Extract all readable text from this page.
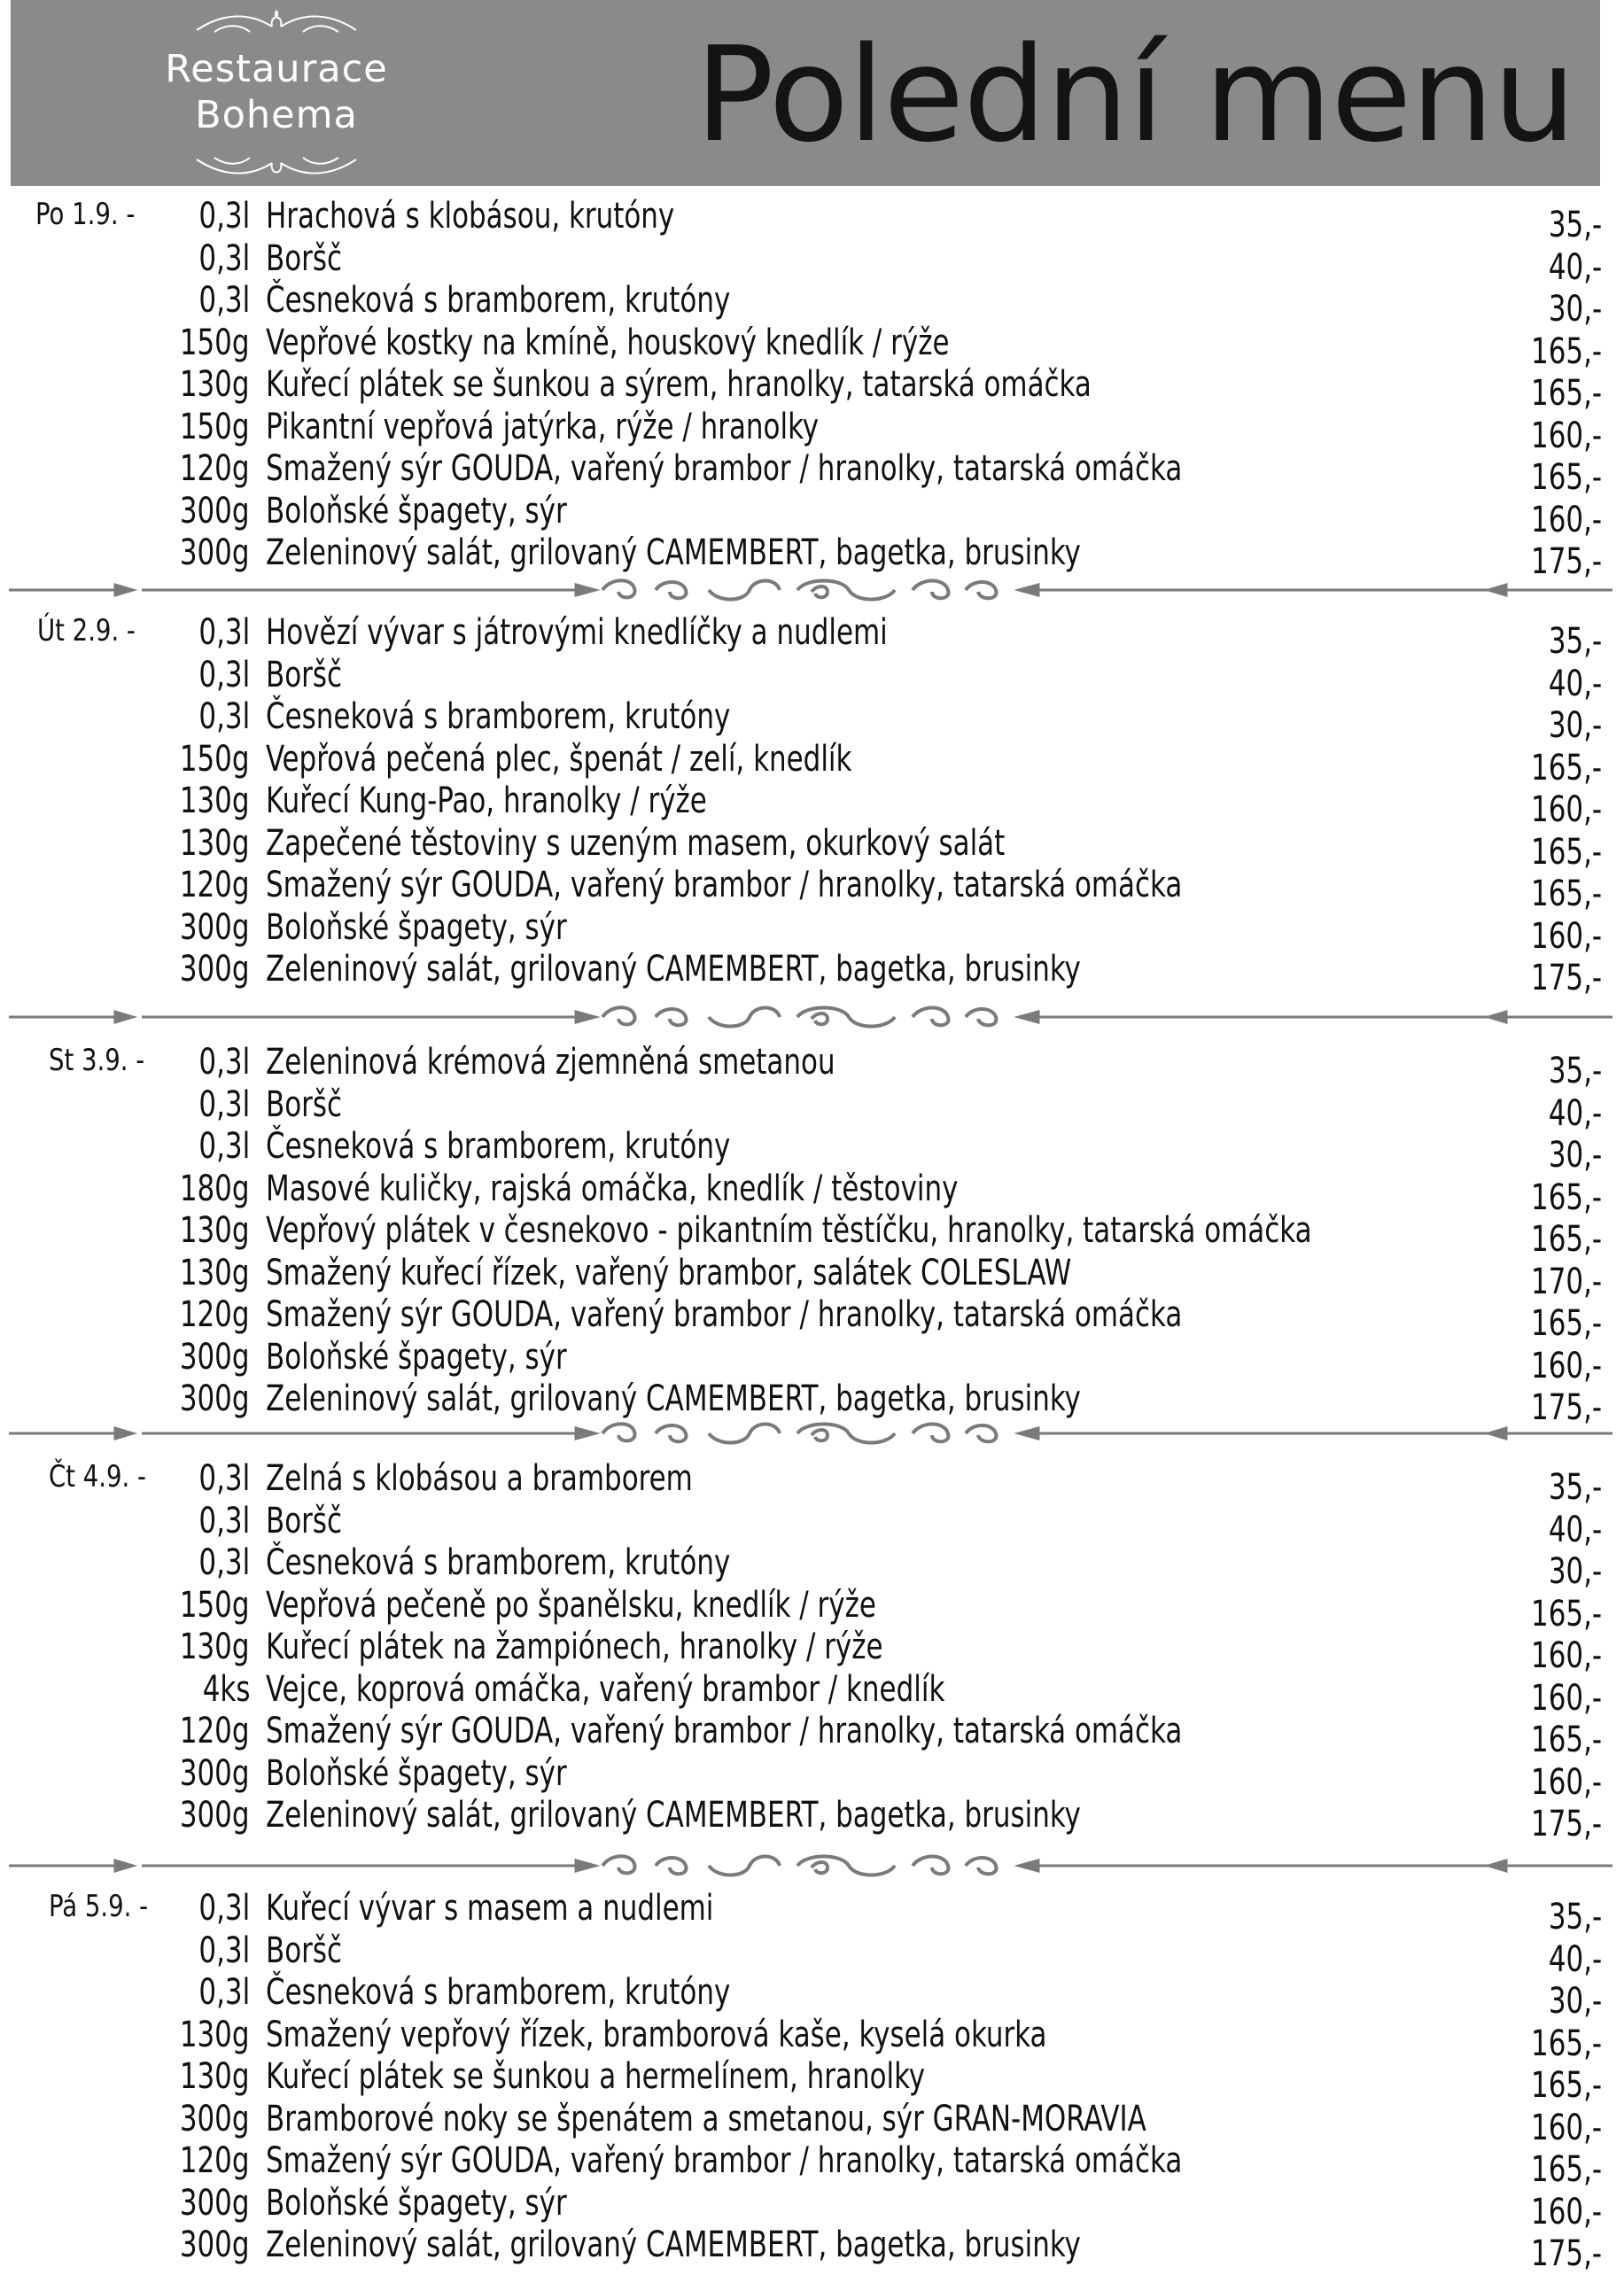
Restaurace
Bohema	Polední menu
Po 1.9. - 0,3l Hrachová s klobásou, krutóny	35,-
0,3l Boršč	40,-
0,3l Česneková s bramborem, krutóny	30,-
150g Vepřové kostky na kmíně, houskový knedlík / rýže	165,-
130g Kuřecí plátek se šunkou a sýrem, hranolky, tatarská omáčka	165,-
150g Pikantní vepřová jatýrka, rýže / hranolky	160,-
120g Smažený sýr GOUDA, vařený brambor / hranolky, tatarská omáčka	165,-
300g Boloňské špagety, sýr	160,-
300g Zeleninový salát, grilovaný CAMEMBERT, bagetka, brusinky	175,-
Út 2.9. - 0,3l Hovězí vývar s játrovými knedlíčky a nudlemi	35,-
0,3l Boršč	40,-
0,3l Česneková s bramborem, krutóny	30,-
150g Vepřová pečená plec, špenát / zelí, knedlík	165,-
130g Kuřecí Kung-Pao, hranolky / rýže	160,-
130g Zapečené těstoviny s uzeným masem, okurkový salát	165,-
120g Smažený sýr GOUDA, vařený brambor / hranolky, tatarská omáčka	165,-
300g Boloňské špagety, sýr	160,-
300g Zeleninový salát, grilovaný CAMEMBERT, bagetka, brusinky	175,-
St 3.9. - 0,3l Zeleninová krémová zjemněná smetanou	35,-
0,3l Boršč	40,-
0,3l Česneková s bramborem, krutóny	30,-
180g Masové kuličky, rajská omáčka, knedlík / těstoviny	165,-
130g Vepřový plátek v česnekovo - pikantním těstíčku, hranolky, tatarská omáčka	165,-
130g Smažený kuřecí řízek, vařený brambor, salátek COLESLAW	170,-
120g Smažený sýr GOUDA, vařený brambor / hranolky, tatarská omáčka	165,-
300g Boloňské špagety, sýr	160,-
300g Zeleninový salát, grilovaný CAMEMBERT, bagetka, brusinky	175,-
Čt 4.9. - 0,3l Zelná s klobásou a bramborem	35,-
0,3l Boršč	40,-
0,3l Česneková s bramborem, krutóny	30,-
150g Vepřová pečeně po španělsku, knedlík / rýže	165,-
130g Kuřecí plátek na žampiónech, hranolky / rýže	160,-
4ks Vejce, koprová omáčka, vařený brambor / knedlík	160,-
120g Smažený sýr GOUDA, vařený brambor / hranolky, tatarská omáčka	165,-
300g Boloňské špagety, sýr	160,-
300g Zeleninový salát, grilovaný CAMEMBERT, bagetka, brusinky	175,-
Pá 5.9. - 0,3l Kuřecí vývar s masem a nudlemi	35,-
0,3l Boršč	40,-
0,3l Česneková s bramborem, krutóny	30,-
130g Smažený vepřový řízek, bramborová kaše, kyselá okurka	165,-
130g Kuřecí plátek se šunkou a hermelínem, hranolky	165,-
300g Bramborové noky se špenátem a smetanou, sýr GRAN-MORAVIA	160,-
120g Smažený sýr GOUDA, vařený brambor / hranolky, tatarská omáčka	165,-
300g Boloňské špagety, sýr	160,-
300g Zeleninový salát, grilovaný CAMEMBERT, bagetka, brusinky	175,-
